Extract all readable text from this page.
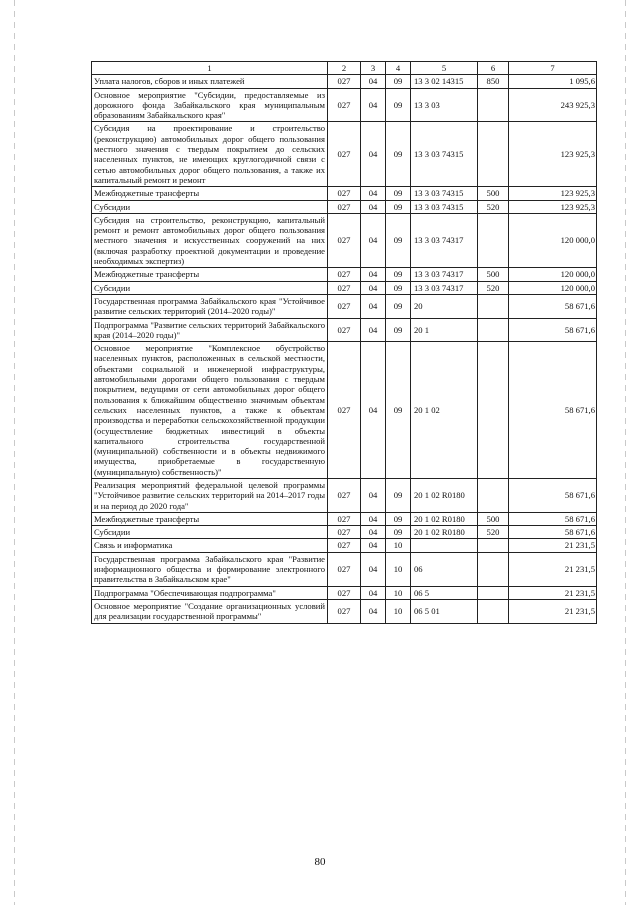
1	2	3	4	5	6	7
Уплата налогов, сборов и иных платежей	027	04	09	13 3 02 14315	850	1 095,6
Основное мероприятие "Субсидии, предоставляемые из дорожного фонда Забайкальского края муниципальным образованиям Забайкальского края"	027	04	09	13 3 03		243 925,3
Субсидия на проектирование и строительство (реконструкцию) автомобильных дорог общего пользования местного значения с твердым покрытием до сельских населенных пунктов, не имеющих круглогодичной связи с сетью автомобильных дорог общего пользования, а также их капитальный ремонт и ремонт	027	04	09	13 3 03 74315		123 925,3
Межбюджетные трансферты	027	04	09	13 3 03 74315	500	123 925,3
Субсидии	027	04	09	13 3 03 74315	520	123 925,3
Субсидия на строительство, реконструкцию, капитальный ремонт и ремонт автомобильных дорог общего пользования местного значения и искусственных сооружений на них (включая разработку проектной документации и проведение необходимых экспертиз)	027	04	09	13 3 03 74317		120 000,0
Межбюджетные трансферты	027	04	09	13 3 03 74317	500	120 000,0
Субсидии	027	04	09	13 3 03 74317	520	120 000,0
Государственная программа Забайкальского края "Устойчивое развитие сельских территорий (2014–2020 годы)"	027	04	09	20		58 671,6
Подпрограмма "Развитие сельских территорий Забайкальского края (2014–2020 годы)"	027	04	09	20 1		58 671,6
Основное мероприятие "Комплексное обустройство населенных пунктов, расположенных в сельской местности, объектами социальной и инженерной инфраструктуры, автомобильными дорогами общего пользования с твердым покрытием, ведущими от сети автомобильных дорог общего пользования к ближайшим общественно значимым объектам сельских населенных пунктов, а также к объектам производства и переработки сельскохозяйственной продукции (осуществление бюджетных инвестиций в объекты капитального строительства государственной (муниципальной) собственности и в объекты недвижимого имущества, приобретаемые в государственную (муниципальную) собственность)"	027	04	09	20 1 02		58 671,6
Реализация мероприятий федеральной целевой программы "Устойчивое развитие сельских территорий на 2014–2017 годы и на период до 2020 года"	027	04	09	20 1 02 R0180		58 671,6
Межбюджетные трансферты	027	04	09	20 1 02 R0180	500	58 671,6
Субсидии	027	04	09	20 1 02 R0180	520	58 671,6
Связь и информатика	027	04	10			21 231,5
Государственная программа Забайкальского края "Развитие информационного общества и формирование электронного правительства в Забайкальском крае"	027	04	10	06		21 231,5
Подпрограмма "Обеспечивающая подпрограмма"	027	04	10	06 5		21 231,5
Основное мероприятие "Создание организационных условий для реализации государственной программы"	027	04	10	06 5 01		21 231,5
80
